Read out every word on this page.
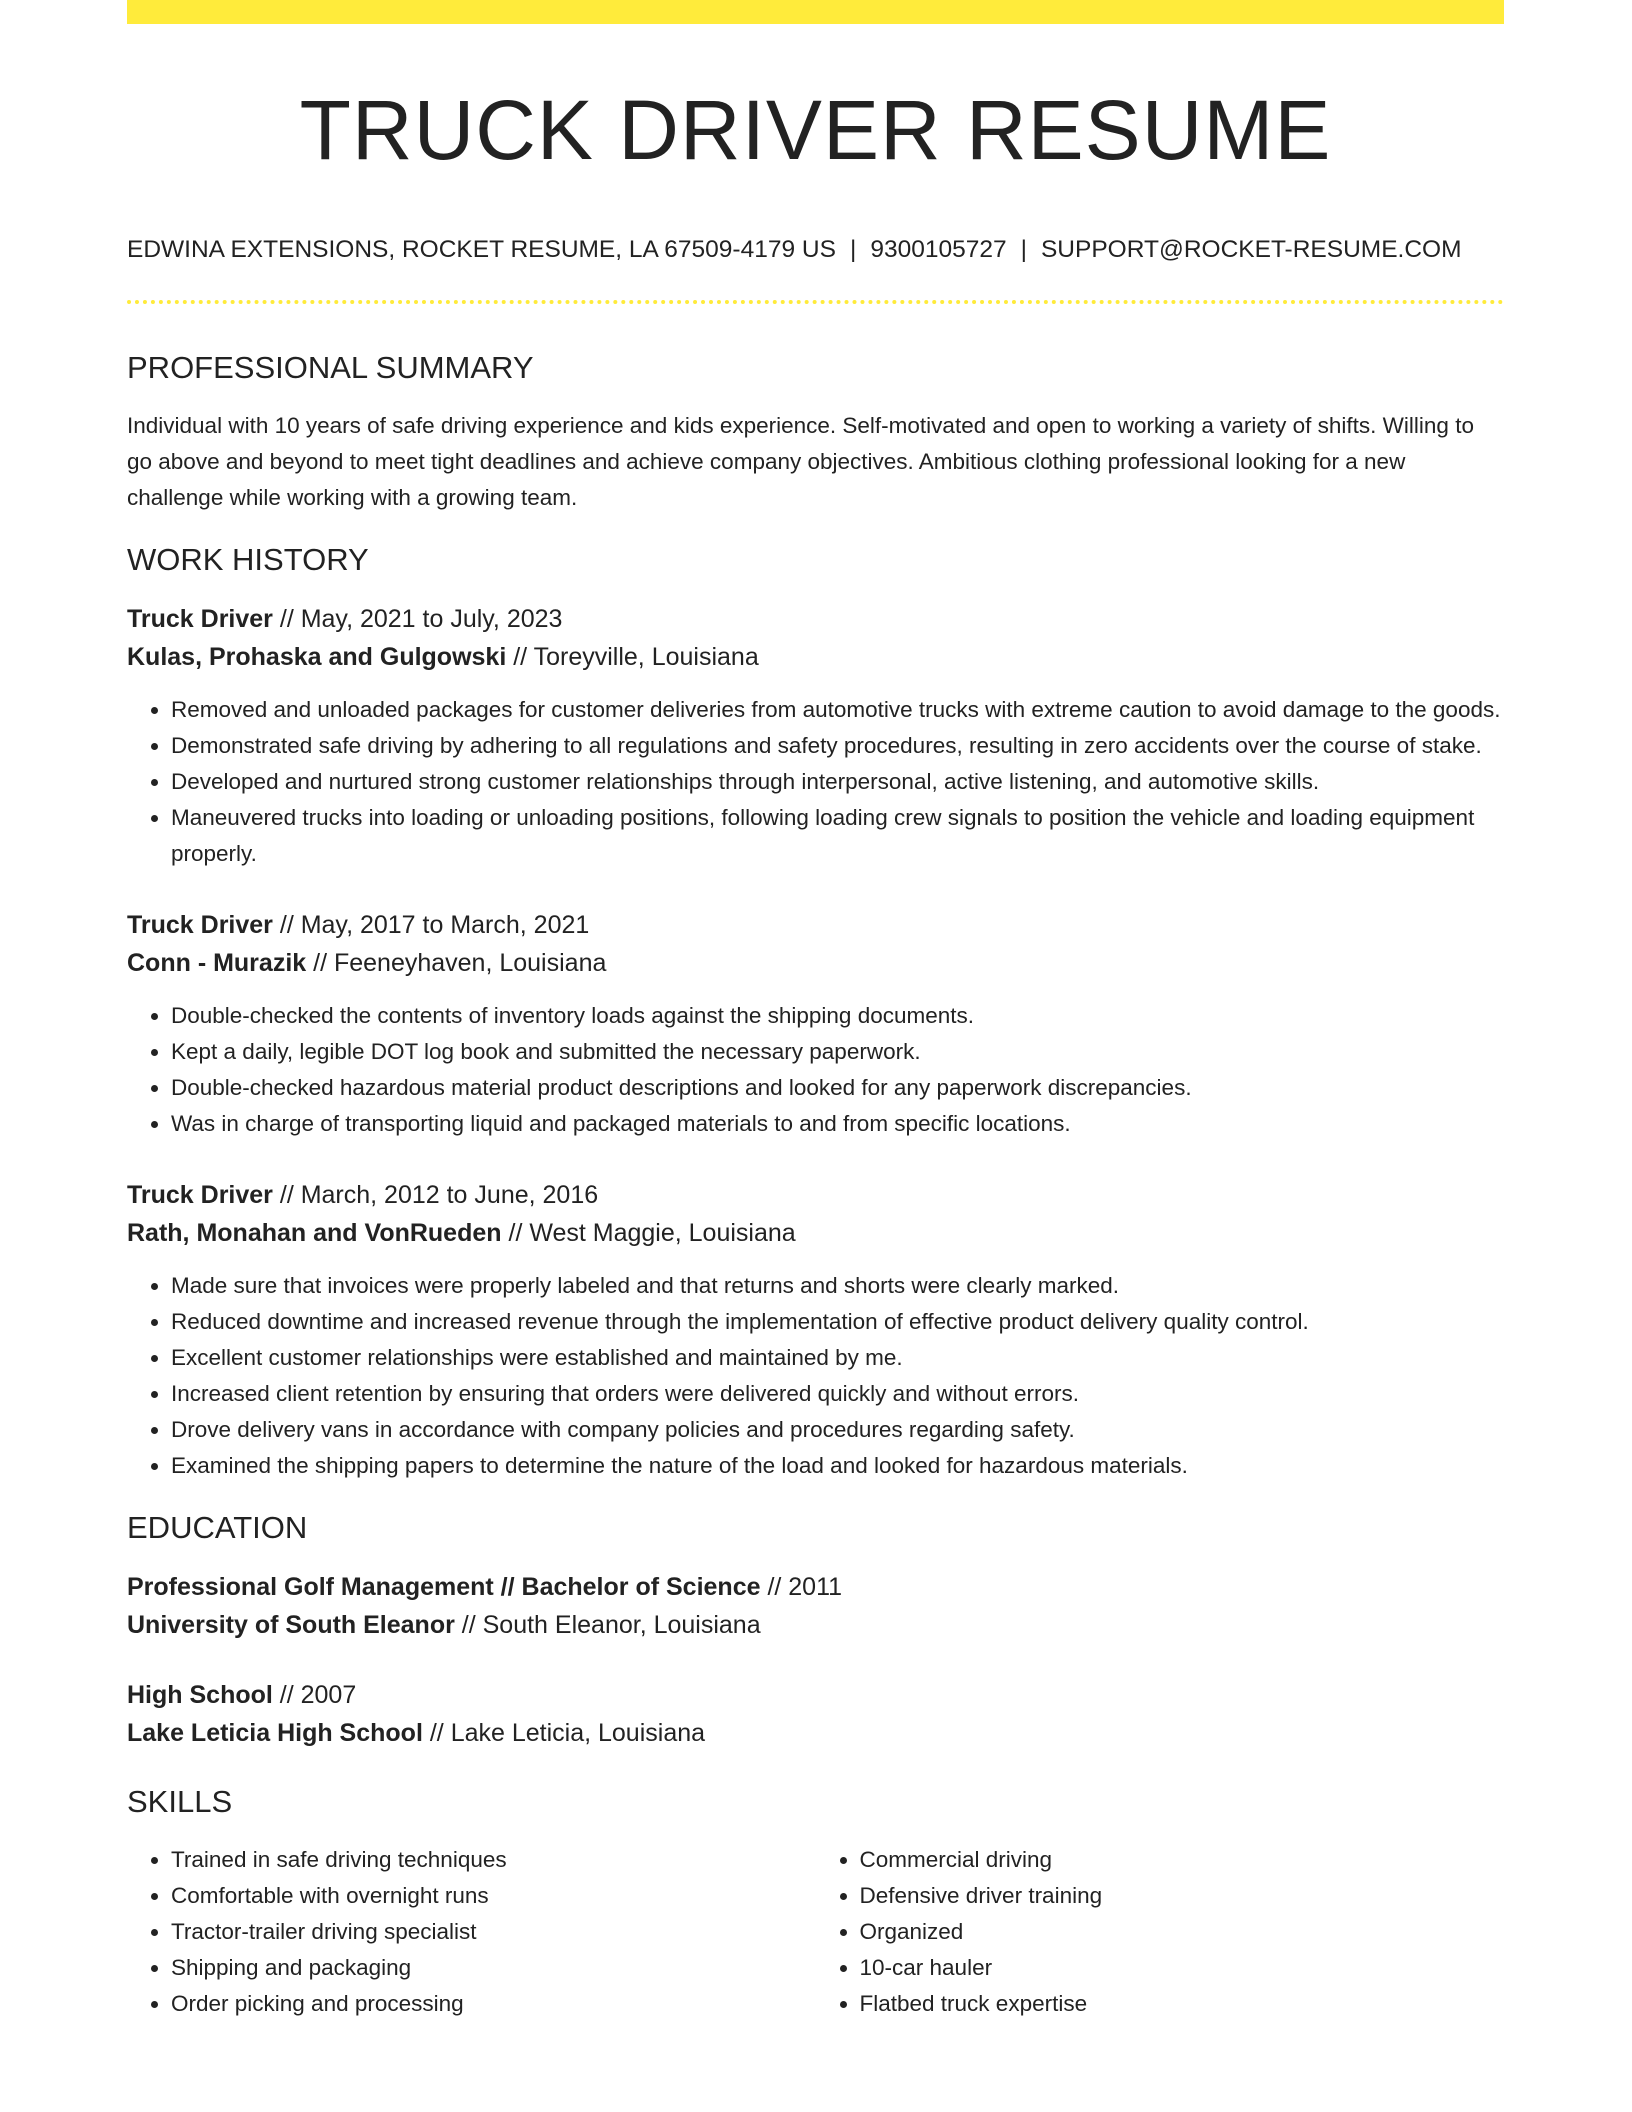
TRUCK DRIVER RESUME
EDWINA EXTENSIONS, ROCKET RESUME, LA 67509-4179 US | 9300105727 | SUPPORT@ROCKET-RESUME.COM
PROFESSIONAL SUMMARY

Individual with 10 years of safe driving experience and kids experience. Self-motivated and open to working a variety of shifts. Willing to go above and beyond to meet tight deadlines and achieve company objectives. Ambitious clothing professional looking for a new challenge while working with a growing team.

WORK HISTORY
Truck Driver // May, 2021 to July, 2023
Kulas, Prohaska and Gulgowski // Toreyville, Louisiana
• Removed and unloaded packages for customer deliveries from automotive trucks with extreme caution to avoid damage to the goods.
• Demonstrated safe driving by adhering to all regulations and safety procedures, resulting in zero accidents over the course of stake.
• Developed and nurtured strong customer relationships through interpersonal, active listening, and automotive skills.
• Maneuvered trucks into loading or unloading positions, following loading crew signals to position the vehicle and loading equipment properly.
Truck Driver // May, 2017 to March, 2021
Conn - Murazik // Feeneyhaven, Louisiana
• Double-checked the contents of inventory loads against the shipping documents.
• Kept a daily, legible DOT log book and submitted the necessary paperwork.
• Double-checked hazardous material product descriptions and looked for any paperwork discrepancies.
• Was in charge of transporting liquid and packaged materials to and from specific locations.
Truck Driver // March, 2012 to June, 2016
Rath, Monahan and VonRueden // West Maggie, Louisiana
• Made sure that invoices were properly labeled and that returns and shorts were clearly marked.
• Reduced downtime and increased revenue through the implementation of effective product delivery quality control.
• Excellent customer relationships were established and maintained by me.
• Increased client retention by ensuring that orders were delivered quickly and without errors.
• Drove delivery vans in accordance with company policies and procedures regarding safety.
• Examined the shipping papers to determine the nature of the load and looked for hazardous materials.
EDUCATION
Professional Golf Management // Bachelor of Science // 2011
University of South Eleanor // South Eleanor, Louisiana
High School // 2007
Lake Leticia High School // Lake Leticia, Louisiana
SKILLS
• Trained in safe driving techniques
• Comfortable with overnight runs
• Tractor-trailer driving specialist
• Shipping and packaging
• Order picking and processing
• Commercial driving
• Defensive driver training
• Organized
• 10-car hauler
• Flatbed truck expertise
